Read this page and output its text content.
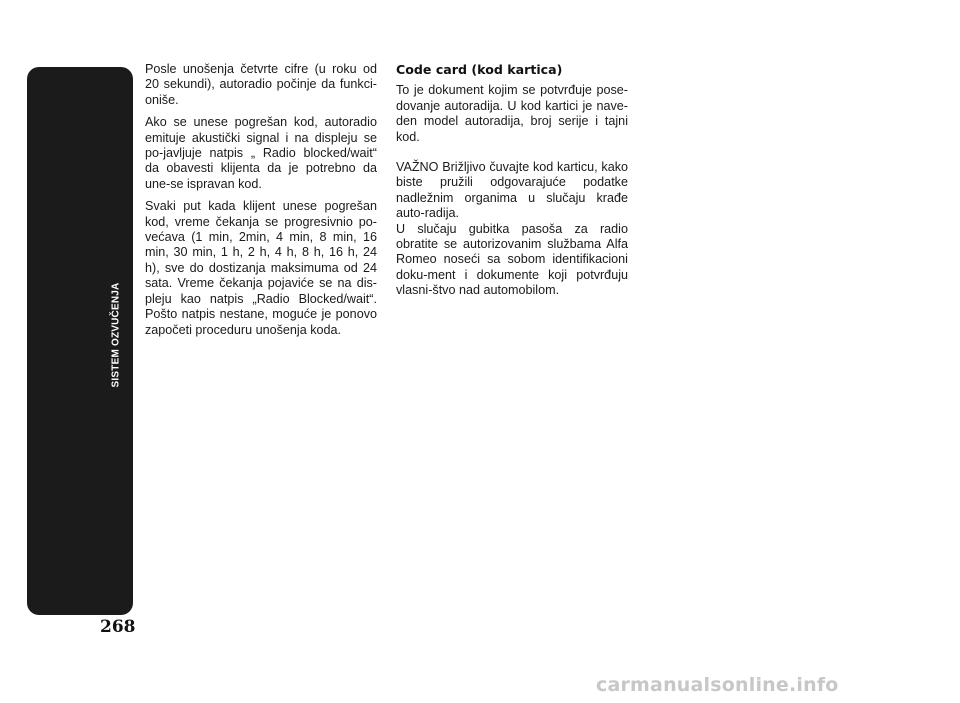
SISTEM OZVUČENJA
268

Posle unošenja četvrte cifre (u roku od 20 sekundi), autoradio počinje da funkci-oniše.

Ako se unese pogrešan kod, autoradio emituje akustički signal i na displeju se po-javljuje natpis „ Radio blocked/wait“ da obavesti klijenta da je potrebno da une-se ispravan kod.

Svaki put kada klijent unese pogrešan kod, vreme čekanja se progresivnio po-većava (1 min, 2min, 4 min, 8 min, 16 min, 30 min, 1 h, 2 h, 4 h, 8 h, 16 h, 24 h), sve do dostizanja maksimuma od 24 sata. Vreme čekanja pojaviće se na dis-pleju kao natpis „Radio Blocked/wait“. Pošto natpis nestane, moguće je ponovo započeti proceduru unošenja koda.

Code card (kod kartica)

To je dokument kojim se potvrđuje pose-dovanje autoradija. U kod kartici je nave-den model autoradija, broj serije i tajni kod.

VAŽNO Brižljivo čuvajte kod karticu, kako biste pružili odgovarajuće podatke nadležnim organima u slučaju krađe auto-radija.

U slučaju gubitka pasoša za radio obratite se autorizovanim službama Alfa Romeo noseći sa sobom identifikacioni doku-ment i dokumente koji potvrđuju vlasni-štvo nad automobilom.

carmanualsonline.info
